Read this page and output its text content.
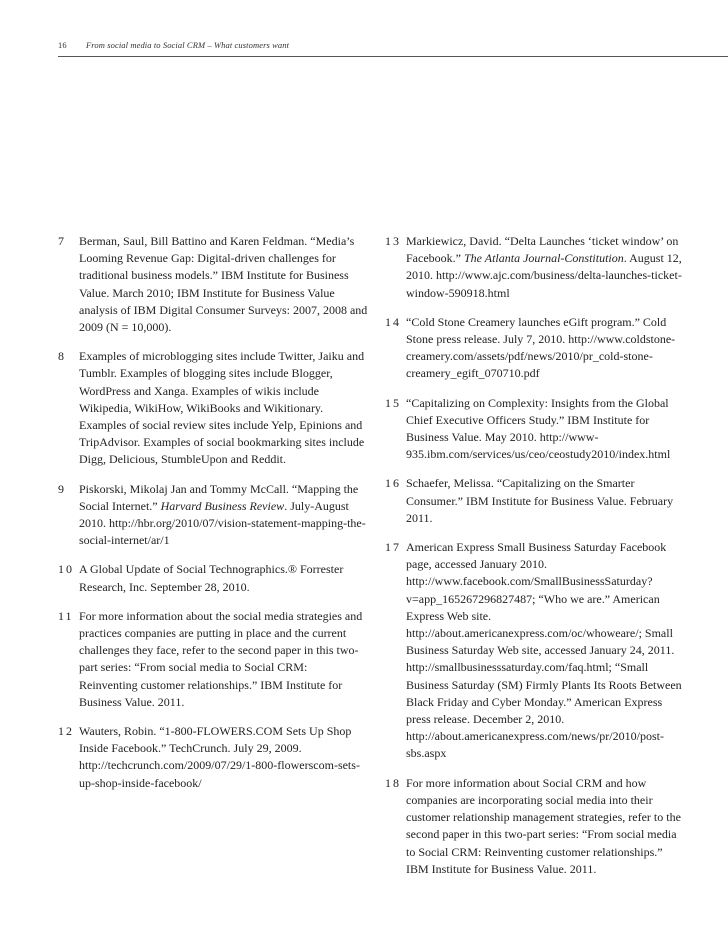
16 From social media to Social CRM – What customers want
7 Berman, Saul, Bill Battino and Karen Feldman. “Media’s Looming Revenue Gap: Digital-driven challenges for traditional business models.” IBM Institute for Business Value. March 2010; IBM Institute for Business Value analysis of IBM Digital Consumer Surveys: 2007, 2008 and 2009 (N = 10,000).
8 Examples of microblogging sites include Twitter, Jaiku and Tumblr. Examples of blogging sites include Blogger, WordPress and Xanga. Examples of wikis include Wikipedia, WikiHow, WikiBooks and Wikitionary. Examples of social review sites include Yelp, Epinions and TripAdvisor. Examples of social bookmarking sites include Digg, Delicious, StumbleUpon and Reddit.
9 Piskorski, Mikolaj Jan and Tommy McCall. “Mapping the Social Internet.” Harvard Business Review. July-August 2010. http://hbr.org/2010/07/vision-statement-mapping-the-social-internet/ar/1
10 A Global Update of Social Technographics.® Forrester Research, Inc. September 28, 2010.
11 For more information about the social media strategies and practices companies are putting in place and the current challenges they face, refer to the second paper in this two-part series: “From social media to Social CRM: Reinventing customer relationships.” IBM Institute for Business Value. 2011.
12 Wauters, Robin. “1-800-FLOWERS.COM Sets Up Shop Inside Facebook.” TechCrunch. July 29, 2009. http://techcrunch.com/2009/07/29/1-800-flowerscom-sets-up-shop-inside-facebook/
13 Markiewicz, David. “Delta Launches ‘ticket window’ on Facebook.” The Atlanta Journal-Constitution. August 12, 2010. http://www.ajc.com/business/delta-launches-ticket-window-590918.html
14 “Cold Stone Creamery launches eGift program.” Cold Stone press release. July 7, 2010. http://www.coldstone-creamery.com/assets/pdf/news/2010/pr_cold-stone-creamery_egift_070710.pdf
15 “Capitalizing on Complexity: Insights from the Global Chief Executive Officers Study.” IBM Institute for Business Value. May 2010. http://www-935.ibm.com/services/us/ceo/ceostudy2010/index.html
16 Schaefer, Melissa. “Capitalizing on the Smarter Consumer.” IBM Institute for Business Value. February 2011.
17 American Express Small Business Saturday Facebook page, accessed January 2010. http://www.facebook.com/SmallBusinessSaturday?v=app_165267296827487; “Who we are.” American Express Web site. http://about.americanexpress.com/oc/whoweare/; Small Business Saturday Web site, accessed January 24, 2011. http://smallbusinesssaturday.com/faq.html; “Small Business Saturday (SM) Firmly Plants Its Roots Between Black Friday and Cyber Monday.” American Express press release. December 2, 2010. http://about.americanexpress.com/news/pr/2010/post-sbs.aspx
18 For more information about Social CRM and how companies are incorporating social media into their customer relationship management strategies, refer to the second paper in this two-part series: “From social media to Social CRM: Reinventing customer relationships.” IBM Institute for Business Value. 2011.
